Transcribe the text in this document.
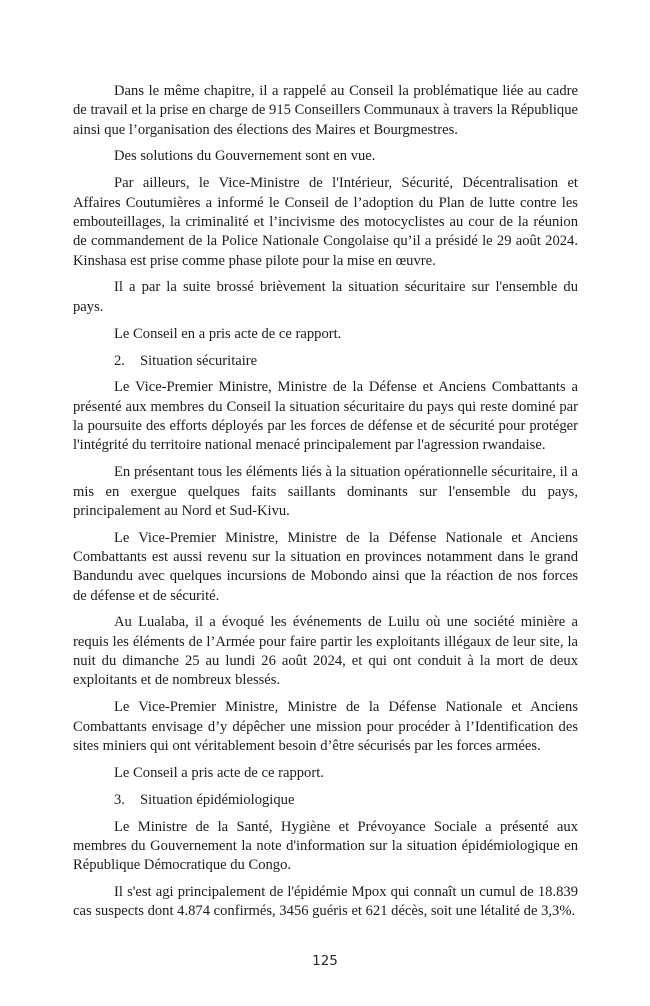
Dans le même chapitre, il a rappelé au Conseil la problématique liée au cadre de travail et la prise en charge de 915 Conseillers Communaux à travers la République ainsi que l’organisation des élections des Maires et Bourgmestres.

Des solutions du Gouvernement sont en vue.

Par ailleurs, le Vice-Ministre de l'Intérieur, Sécurité, Décentralisation et Affaires Coutumières a informé le Conseil de l’adoption du Plan de lutte contre les embouteillages, la criminalité et l’incivisme des motocyclistes au cour de la réunion de commandement de la Police Nationale Congolaise qu’il a présidé le 29 août 2024. Kinshasa est prise comme phase pilote pour la mise en œuvre.

Il a par la suite brossé brièvement la situation sécuritaire sur l'ensemble du pays.

Le Conseil en a pris acte de ce rapport.

2. Situation sécuritaire

Le Vice-Premier Ministre, Ministre de la Défense et Anciens Combattants a présenté aux membres du Conseil la situation sécuritaire du pays qui reste dominé par la poursuite des efforts déployés par les forces de défense et de sécurité pour protéger l'intégrité du territoire national menacé principalement par l'agression rwandaise.

En présentant tous les éléments liés à la situation opérationnelle sécuritaire, il a mis en exergue quelques faits saillants dominants sur l'ensemble du pays, principalement au Nord et Sud-Kivu.

Le Vice-Premier Ministre, Ministre de la Défense Nationale et Anciens Combattants est aussi revenu sur la situation en provinces notamment dans le grand Bandundu avec quelques incursions de Mobondo ainsi que la réaction de nos forces de défense et de sécurité.

Au Lualaba, il a évoqué les événements de Luilu où une société minière a requis les éléments de l’Armée pour faire partir les exploitants illégaux de leur site, la nuit du dimanche 25 au lundi 26 août 2024, et qui ont conduit à la mort de deux exploitants et de nombreux blessés.

Le Vice-Premier Ministre, Ministre de la Défense Nationale et Anciens Combattants envisage d’y dépêcher une mission pour procéder à l’Identification des sites miniers qui ont véritablement besoin d’être sécurisés par les forces armées.

Le Conseil a pris acte de ce rapport.

3. Situation épidémiologique

Le Ministre de la Santé, Hygiène et Prévoyance Sociale a présenté aux membres du Gouvernement la note d'information sur la situation épidémiologique en République Démocratique du Congo.

Il s'est agi principalement de l'épidémie Mpox qui connaît un cumul de 18.839 cas suspects dont 4.874 confirmés, 3456 guéris et 621 décès, soit une létalité de 3,3%.

125
